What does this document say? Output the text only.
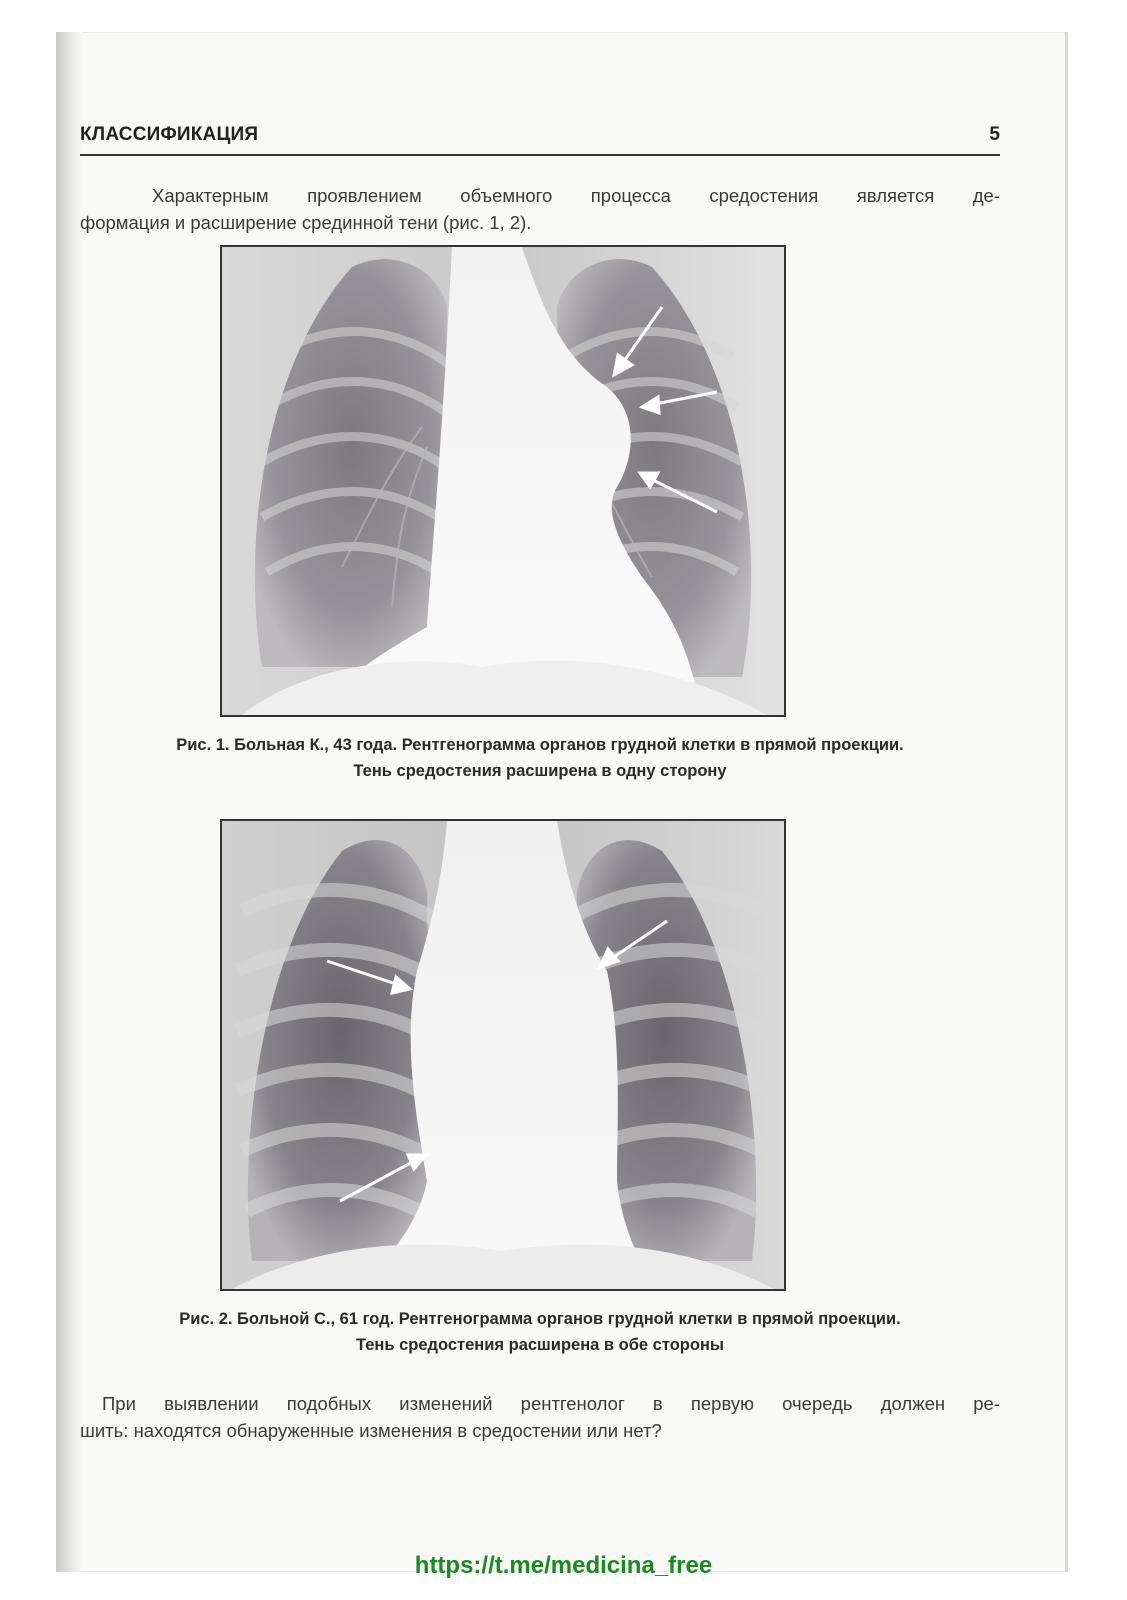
КЛАССИФИКАЦИЯ	5
Характерным проявлением объемного процесса средостения является де-
формация и расширение срединной тени (рис. 1, 2).
Рис. 1. Больная К., 43 года. Рентгенограмма органов грудной клетки в прямой проекции.
Тень средостения расширена в одну сторону
Рис. 2. Больной С., 61 год. Рентгенограмма органов грудной клетки в прямой проекции.
Тень средостения расширена в обе стороны
При выявлении подобных изменений рентгенолог в первую очередь должен ре-
шить: находятся обнаруженные изменения в средостении или нет?
https://t.me/medicina_free
